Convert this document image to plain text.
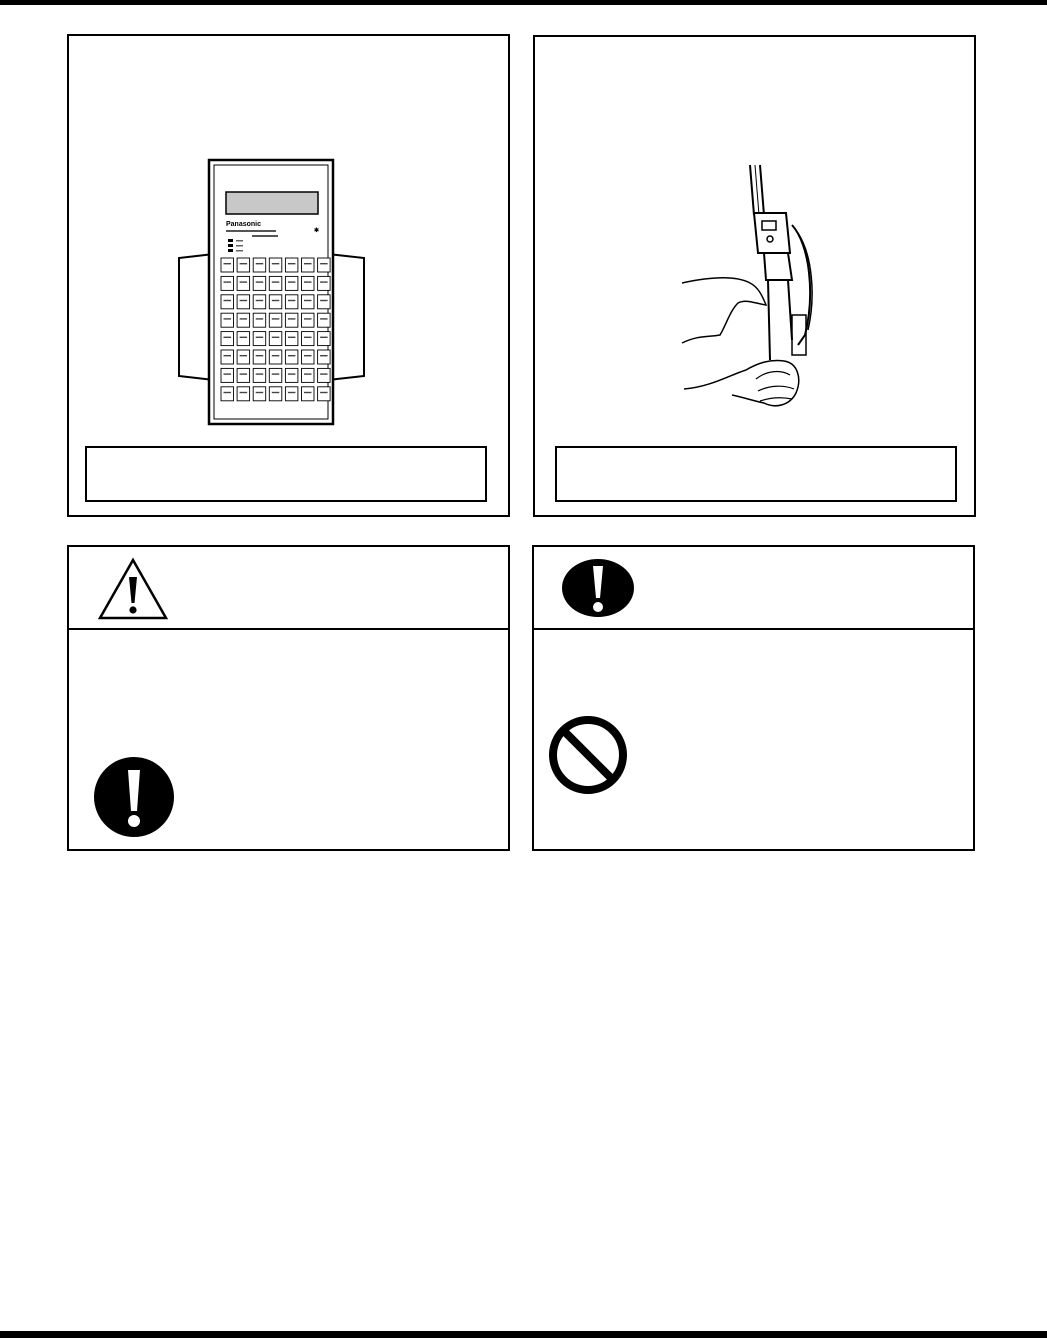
Panasonic
✱
